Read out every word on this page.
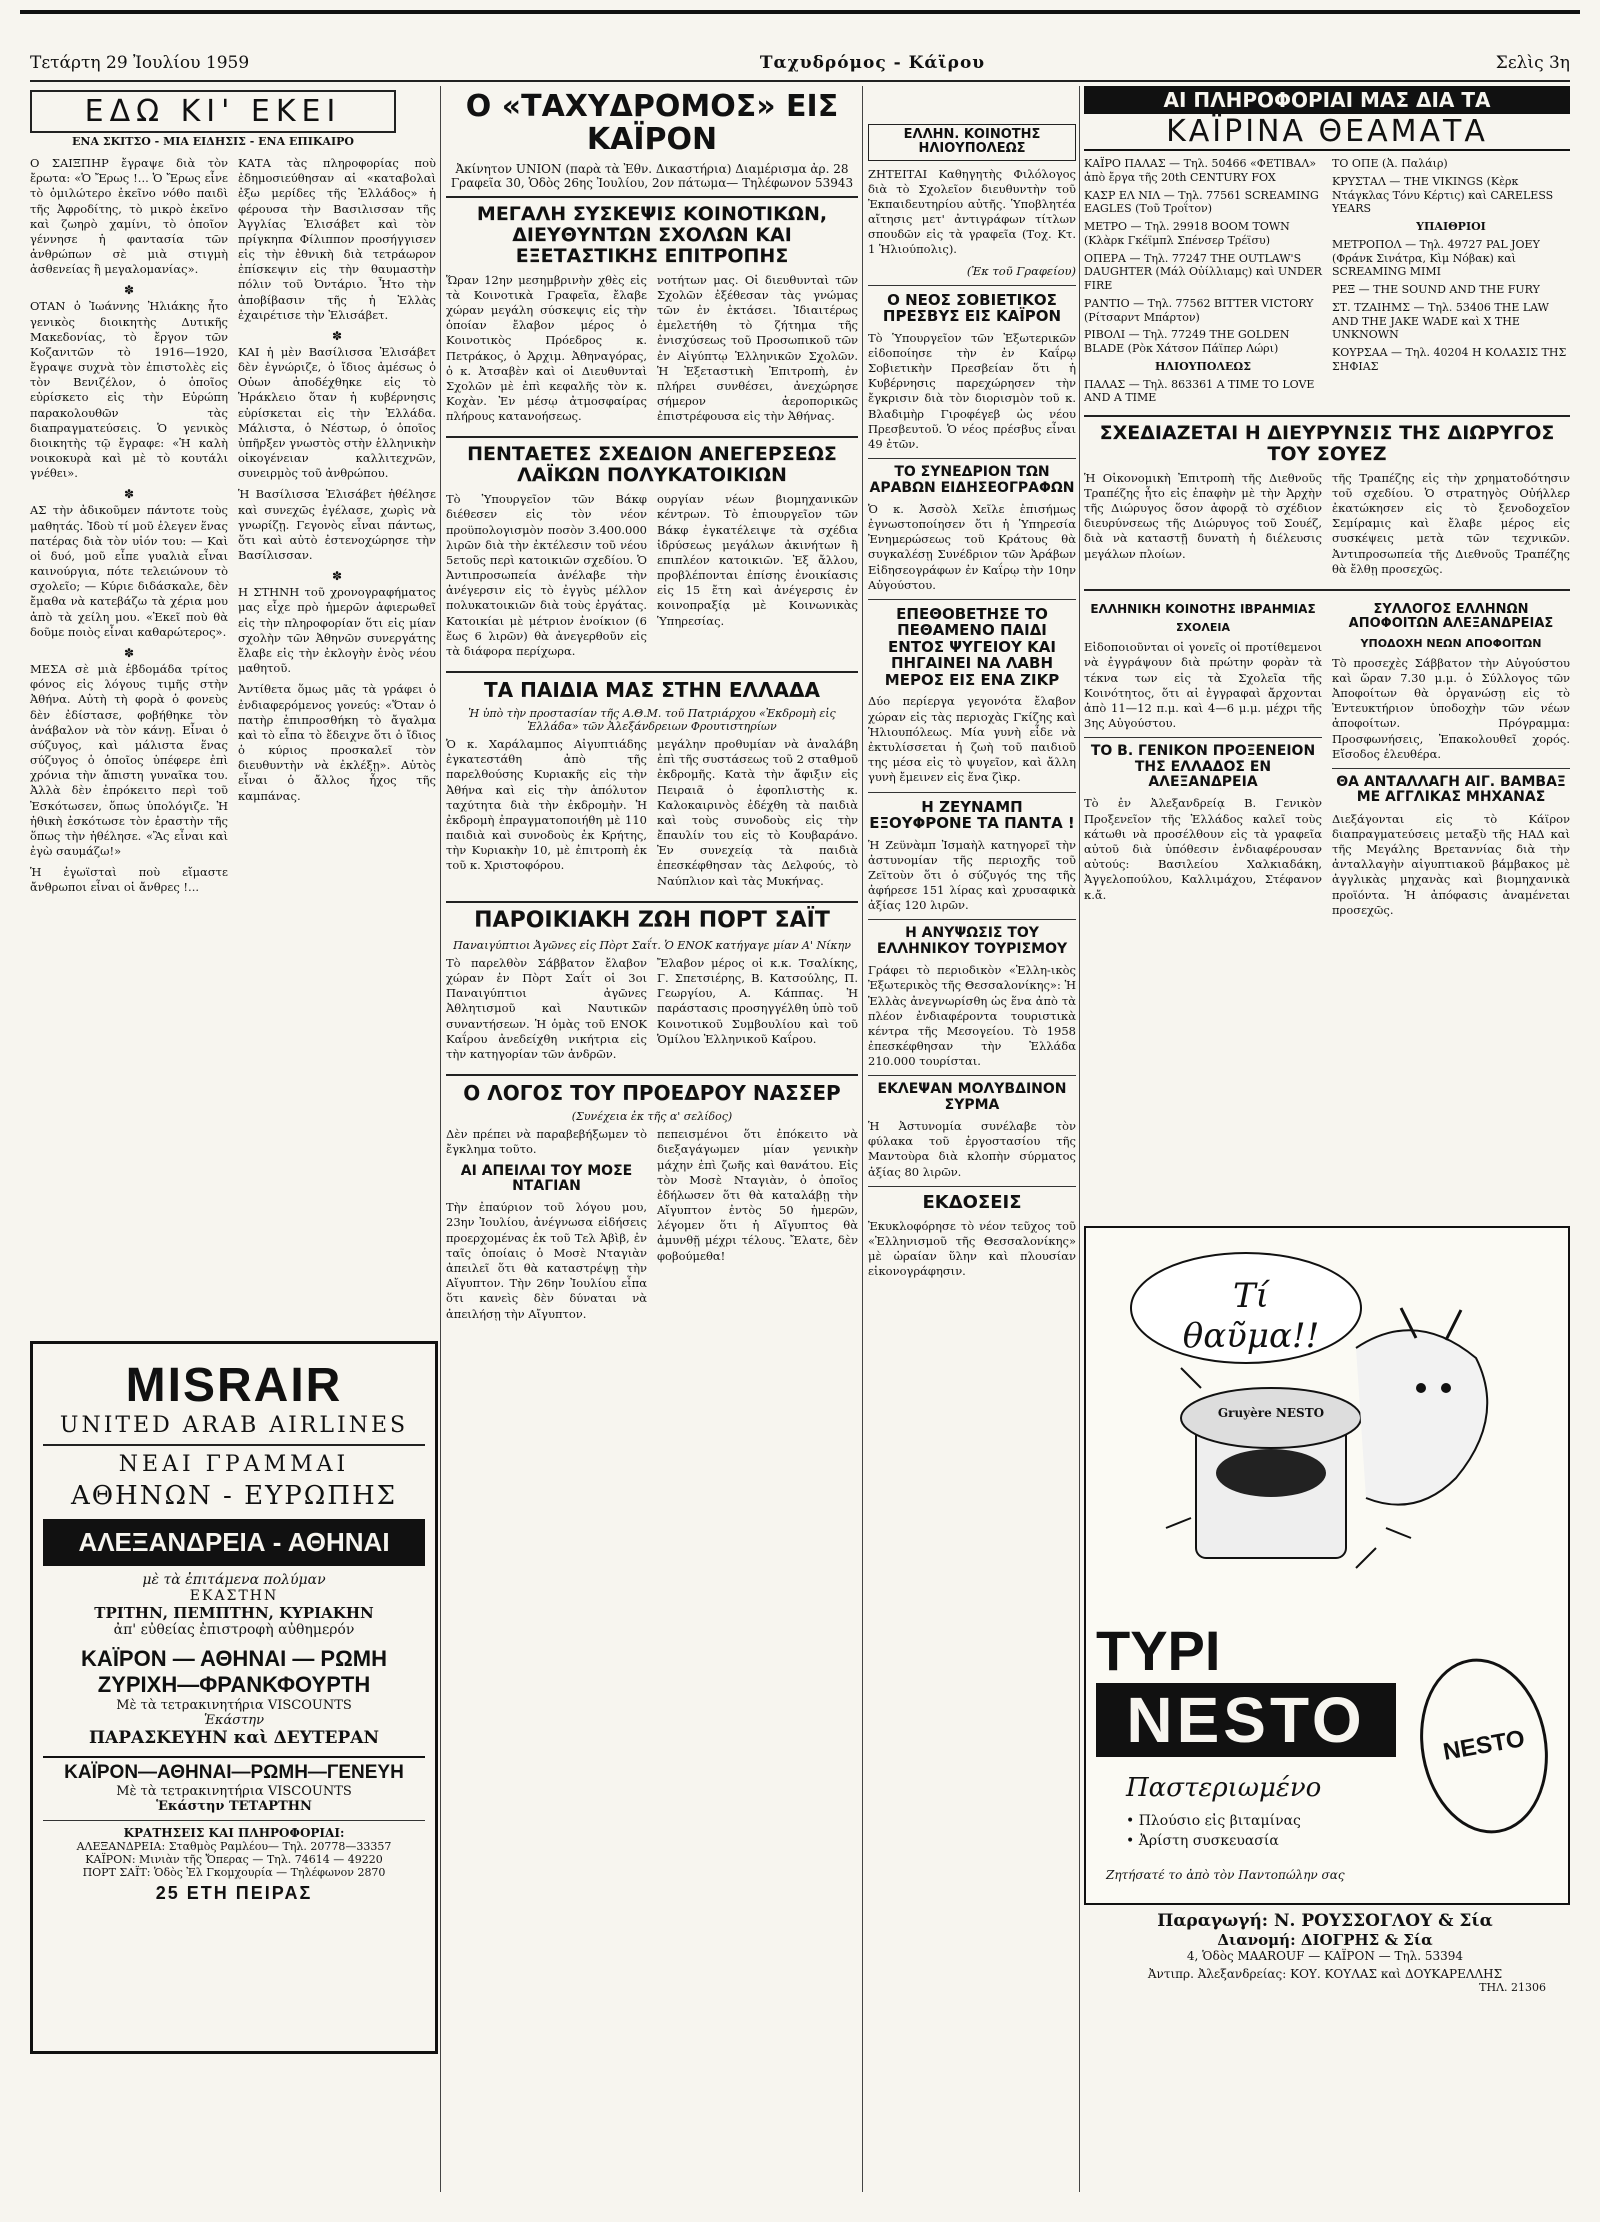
Τετάρτη 29 Ἰουλίου 1959	Ταχυδρόμος - Κάϊρου	Σελὶς 3η
ΕΔΩ ΚΙ' ΕΚΕΙ
ΕΝΑ ΣΚΙΤΣΟ - ΜΙΑ ΕΙΔΗΣΙΣ - ΕΝΑ ΕΠΙΚΑΙΡΟ

Ο ΣΑΙΞΠΗΡ ἔγραψε διὰ τὸν ἔρωτα: «Ὁ Ἔρως !... Ὁ Ἔρως εἶνε τὸ ὁμιλώτερο ἐκεῖνο νόθο παιδὶ τῆς Ἀφροδίτης, τὸ μικρὸ ἐκεῖνο καὶ ζωηρὸ χαμίνι, τὸ ὁποῖον γέννησε ἡ φαντασία τῶν ἀνθρώπων σὲ μιὰ στιγμὴ ἀσθενείας ἢ μεγαλομανίας».

✽

ΟΤΑΝ ὁ Ἰωάννης Ἠλιάκης ἦτο γενικὸς διοικητὴς Δυτικῆς Μακεδονίας, τὸ ἔργον τῶν Κοζανιτῶν τὸ 1916—1920, ἔγραψε συχνὰ τὸν ἐπιστολὲς εἰς τὸν Βενιζέλον, ὁ ὁποῖος εὑρίσκετο εἰς τὴν Εὐρώπη παρακολουθῶν τὰς διαπραγματεύσεις. Ὁ γενικὸς διοικητὴς τῷ ἔγραφε: «Ἡ καλὴ νοικοκυρὰ καὶ μὲ τὸ κουτάλι γνέθει».

✽

ΑΣ τὴν ἀδικοῦμεν πάντοτε τοὺς μαθητάς. Ἰδοὺ τί μοῦ ἐλεγεν ἕνας πατέρας διὰ τὸν υἱόν του: — Καὶ οἱ δυό, μοῦ εἶπε γυαλιὰ εἶναι καινούργια, πότε τελειώνουν τὸ σχολεῖο; — Κύριε διδάσκαλε, δὲν ἔμαθα νὰ κατεβάζω τὰ χέρια μου ἀπὸ τὰ χείλη μου. «Ἐκεῖ ποὺ θὰ δοῦμε ποιὸς εἶναι καθαρώτερος».

✽

ΜΕΣΑ σὲ μιὰ ἑβδομάδα τρίτος φόνος εἰς λόγους τιμῆς στὴν Ἀθήνα. Αὐτὴ τὴ φορὰ ὁ φονεὺς δὲν ἐδίστασε, φοβήθηκε τὸν ἀνάβαλον νὰ τὸν κάνῃ. Εἶναι ὁ σύζυγος, καὶ μάλιστα ἕνας σύζυγος ὁ ὁποῖος ὑπέφερε ἐπὶ χρόνια τὴν ἄπιστη γυναῖκα του. Ἀλλὰ δὲν ἐπρόκειτο περὶ τοῦ Ἐσκότωσεν, ὅπως ὑπολόγιζε. Ἡ ἠθικὴ ἐσκότωσε τὸν ἐραστὴν τῆς ὅπως τὴν ἠθέλησε. «Ἂς εἶναι καὶ ἐγὼ σαυμάζω!»

Ἡ ἐγωϊσταὶ ποὺ εἴμαστε ἄνθρωποι εἶναι οἱ ἄνθρες !...

ΚΑΤΑ τὰς πληροφορίας ποὺ ἐδημοσιεύθησαν αἱ «καταβολαὶ ἐξω μερίδες τῆς Ἑλλάδος» ἡ φέρουσα τὴν Βασιλισσαν τῆς Ἀγγλίας Ἐλισάβετ καὶ τὸν πρίγκηπα Φίλιππον προσήγγισεν εἰς τὴν ἐθνικὴ διὰ τετράωρον ἐπίσκεψιν εἰς τὴν θαυμαστὴν πόλιν τοῦ Ὀντάριο. Ἦτο τὴν ἀποβίβασιν τῆς ἡ Ἑλλὰς ἐχαιρέτισε τὴν Ἐλισάβετ.

✽

ΚΑΙ ἡ μὲν Βασίλισσα Ἐλισάβετ δὲν ἐγνώριζε, ὁ ἴδιος ἀμέσως ὁ Οὐων ἀποδέχθηκε εἰς τὸ Ἡράκλειο ὅταν ἡ κυβέρνησις εὑρίσκεται εἰς τὴν Ἑλλάδα. Μάλιστα, ὁ Νέστωρ, ὁ ὁποῖος ὑπῆρξεν γνωστὸς στὴν ἑλληνικὴν οἰκογένειαν καλλιτεχνῶν, συνειρμὸς τοῦ ἀνθρώπου.

Ἡ Βασίλισσα Ἐλισάβετ ἠθέλησε καὶ συνεχῶς ἐγέλασε, χωρὶς νὰ γνωρίζῃ. Γεγονὸς εἶναι πάντως, ὅτι καὶ αὐτὸ ἐστενοχώρησε τὴν Βασίλισσαν.

✽

Η ΣΤΗΝΗ τοῦ χρονογραφήματος μας εἶχε πρὸ ἡμερῶν ἀφιερωθεῖ εἰς τὴν πληροφορίαν ὅτι εἰς μίαν σχολὴν τῶν Ἀθηνῶν συνεργάτης ἔλαβε εἰς τὴν ἐκλογὴν ἑνὸς νέου μαθητοῦ.

Ἀντίθετα ὅμως μᾶς τὰ γράφει ὁ ἐνδιαφερόμενος γονεύς: «Ὅταν ὁ πατὴρ ἐπιπροσθήκη τὸ ἄγαλμα καὶ τὸ εἶπα τὸ ἔδειχνε ὅτι ὁ ἴδιος ὁ κύριος προσκαλεῖ τὸν διευθυντὴν νὰ ἐκλέξῃ». Αὐτὸς εἶναι ὁ ἄλλος ἦχος τῆς καμπάνας.

MISRAIR
UNITED ARAB AIRLINES
ΝΕΑΙ ΓΡΑΜΜΑΙ
ΑΘΗΝΩΝ - ΕΥΡΩΠΗΣ
ΑΛΕΞΑΝΔΡΕΙΑ - ΑΘΗΝΑΙ
μὲ τὰ ἐπιτάμενα πολύμαν
ΕΚΑΣΤΗΝ
ΤΡΙΤΗΝ, ΠΕΜΠΤΗΝ, ΚΥΡΙΑΚΗΝ
ἀπ' εὐθείας ἐπιστροφὴ αὐθημερόν
ΚΑΪΡΟΝ — ΑΘΗΝΑΙ — ΡΩΜΗ
ΖΥΡΙΧΗ—ΦΡΑΝΚΦΟΥΡΤΗ
Μὲ τὰ τετρακινητήρια VISCOUNTS
Ἑκάστην
ΠΑΡΑΣΚΕΥΗΝ καὶ ΔΕΥΤΕΡΑΝ
ΚΑΪΡΟΝ—ΑΘΗΝΑΙ—ΡΩΜΗ—ΓΕΝΕΥΗ
Μὲ τὰ τετρακινητήρια VISCOUNTS
Ἑκάστην ΤΕΤΑΡΤΗΝ
ΚΡΑΤΗΣΕΙΣ ΚΑΙ ΠΛΗΡΟΦΟΡΙΑΙ:
ΑΛΕΞΑΝΔΡΕΙΑ: Σταθμὸς Ραμλέου— Τηλ. 20778—33357
ΚΑΪΡΟΝ: Μινιὰν τῆς Ὄπερας — Τηλ. 74614 — 49220
ΠΟΡΤ ΣΑΪΤ: Ὁδὸς Ἐλ Γκομχουρία — Τηλέφωνον 2870
25 ΕΤΗ ΠΕΙΡΑΣ
Ο «ΤΑΧΥΔΡΟΜΟΣ» ΕΙΣ ΚΑΪΡΟΝ
Ἀκίνητον UNION (παρὰ τὰ Ἐθν. Δικαστήρια) Διαμέρισμα ἀρ. 28
Γραφεῖα 30, Ὁδὸς 26ης Ἰουλίου, 2ον πάτωμα— Τηλέφωνον 53943
ΜΕΓΑΛΗ ΣΥΣΚΕΨΙΣ ΚΟΙΝΟΤΙΚΩΝ, ΔΙΕΥΘΥΝΤΩΝ ΣΧΟΛΩΝ ΚΑΙ ΕΞΕΤΑΣΤΙΚΗΣ ΕΠΙΤΡΟΠΗΣ

Ὥραν 12ην μεσημβρινὴν χθὲς εἰς τὰ Κοινοτικὰ Γραφεῖα, ἔλαβε χώραν μεγάλη σύσκεψις εἰς τὴν ὁποίαν ἔλαβον μέρος ὁ Κοινοτικὸς Πρόεδρος κ. Πετράκος, ὁ Ἀρχιμ. Ἀθηναγόρας, ὁ κ. Ἀτσαβὲν καὶ οἱ Διευθυνταὶ Σχολῶν μὲ ἐπὶ κεφαλῆς τὸν κ. Κοχὰν. Ἐν μέσῳ ἀτμοσφαίρας πλήρους κατανοήσεως.

νοτήτων μας. Οἱ διευθυνταὶ τῶν Σχολῶν ἐξέθεσαν τὰς γνώμας τῶν ἐν ἐκτάσει. Ἰδιαιτέρως ἐμελετήθη τὸ ζήτημα τῆς ἐνισχύσεως τοῦ Προσωπικοῦ τῶν ἐν Αἰγύπτῳ Ἑλληνικῶν Σχολῶν. Ἡ Ἐξεταστικὴ Ἐπιτροπὴ, ἐν πλήρει συνθέσει, ἀνεχώρησε σήμερον ἀεροπορικῶς ἐπιστρέφουσα εἰς τὴν Ἀθήνας.

ΠΕΝΤΑΕΤΕΣ ΣΧΕΔΙΟΝ ΑΝΕΓΕΡΣΕΩΣ ΛΑΪΚΩΝ ΠΟΛΥΚΑΤΟΙΚΙΩΝ

Τὸ Ὑπουργεῖον τῶν Βάκφ διέθεσεν εἰς τὸν νέον προϋπολογισμὸν ποσὸν 3.400.000 λιρῶν διὰ τὴν ἐκτέλεσιν τοῦ νέου 5ετοῦς περὶ κατοικιῶν σχεδίου. Ὁ Ἀντιπροσωπεία ἀνέλαβε τὴν ἀνέγερσιν εἰς τὸ ἐγγὺς μέλλον πολυκατοικιῶν διὰ τοὺς ἐργάτας. Κατοικίαι μὲ μέτριον ἐνοίκιον (6 ἕως 6 λιρῶν) θὰ ἀνεγερθοῦν εἰς τὰ διάφορα περίχωρα.

ουργίαν νέων βιομηχανικῶν κέντρων. Τὸ ἐπιουργεῖον τῶν Βάκφ ἐγκατέλειψε τὰ σχέδια ἱδρύσεως μεγάλων ἀκινήτων ἢ επιπλέον κατοικιῶν. Ἐξ ἄλλου, προβλέπονται ἐπίσης ἐνοικίασις εἰς 15 ἔτη καὶ ἀνέγερσις ἐν κοινοπραξίᾳ μὲ Κοινωνικὰς Ὑπηρεσίας.

ΤΑ ΠΑΙΔΙΑ ΜΑΣ ΣΤΗΝ ΕΛΛΑΔΑ
Ἡ ὑπὸ τὴν προστασίαν τῆς Α.Θ.Μ. τοῦ Πατριάρχου «Ἐκδρομὴ εἰς Ἑλλάδα» τῶν Ἀλεξάνδρειων Φρουτιστηρίων

Ὁ κ. Χαράλαμπος Αἰγυπτιάδης ἐγκατεστάθη ἀπὸ τῆς παρελθούσης Κυριακῆς εἰς τὴν Ἀθήνα καὶ εἰς τὴν ἀπόλυτον ταχύτητα διὰ τὴν ἐκδρομὴν. Ἡ ἐκδρομὴ ἐπραγματοποιήθη μὲ 110 παιδιὰ καὶ συνοδοὺς ἐκ Κρήτης, τὴν Κυριακὴν 10, μὲ ἐπιτροπὴ ἐκ τοῦ κ. Χριστοφόρου.

μεγάλην προθυμίαν νὰ ἀναλάβη ἐπὶ τῆς συστάσεως τοῦ 2 σταθμοῦ ἐκδρομῆς. Κατὰ τὴν ἄφιξιν εἰς Πειραιᾶ ὁ ἐφοπλιστὴς κ. Καλοκαιρινὸς ἐδέχθη τὰ παιδιὰ καὶ τοὺς συνοδοὺς εἰς τὴν ἔπαυλίν του εἰς τὸ Κουβαράνο. Ἐν συνεχείᾳ τὰ παιδιὰ ἐπεσκέφθησαν τὰς Δελφούς, τὸ Ναύπλιον καὶ τὰς Μυκήνας.

ΠΑΡΟΙΚΙΑΚΗ ΖΩΗ ΠΟΡΤ ΣΑΪΤ
Παναιγύπτιοι Ἀγῶνες εἰς Πὸρτ Σαΐτ. Ὁ ΕΝΟΚ κατήγαγε μίαν Α' Νίκην

Τὸ παρελθὸν Σάββατον ἔλαβον χώραν ἐν Πὸρτ Σαΐτ οἱ 3οι Παναιγύπτιοι ἀγῶνες Ἀθλητισμοῦ καὶ Ναυτικῶν συναντήσεων. Ἡ ὁμὰς τοῦ ΕΝΟΚ Καΐρου ἀνεδείχθη νικήτρια εἰς τὴν κατηγορίαν τῶν ἀνδρῶν.

Ἔλαβον μέρος οἱ κ.κ. Τσαλίκης, Γ. Σπετσιέρης, Β. Κατσούλης, Π. Γεωργίου, Α. Κάππας. Ἡ παράστασις προσηγγέλθη ὑπὸ τοῦ Κοινοτικοῦ Συμβουλίου καὶ τοῦ Ὁμίλου Ἐλληνικοῦ Καΐρου.

Ο ΛΟΓΟΣ ΤΟΥ ΠΡΟΕΔΡΟΥ ΝΑΣΣΕΡ
(Συνέχεια ἐκ τῆς α' σελίδος)

Δὲν πρέπει νὰ παραβεβήξωμεν τὸ ἔγκλημα τοῦτο.

ΑΙ ΑΠΕΙΛΑΙ ΤΟΥ ΜΟΣΕ ΝΤΑΓΙΑΝ

Τὴν ἐπαύριον τοῦ λόγου μου, 23ην Ἰουλίου, ἀνέγνωσα εἰδήσεις προερχομένας ἐκ τοῦ Τελ Ἀβὶβ, ἐν ταῖς ὁποίαις ὁ Μοσὲ Νταγιὰν ἀπειλεῖ ὅτι θὰ καταστρέψῃ τὴν Αἴγυπτον. Τὴν 26ην Ἰουλίου εἶπα ὅτι κανεὶς δὲν δύναται νὰ ἀπειλήσῃ τὴν Αἴγυπτον.

πεπεισμένοι ὅτι ἐπόκειτο νὰ διεξαγάγωμεν μίαν γενικὴν μάχην ἐπὶ ζωῆς καὶ θανάτου. Εἰς τὸν Μοσὲ Νταγιὰν, ὁ ὁποῖος ἐδήλωσεν ὅτι θὰ καταλάβῃ τὴν Αἴγυπτον ἐντὸς 50 ἡμερῶν, λέγομεν ὅτι ἡ Αἴγυπτος θὰ ἀμυνθῇ μέχρι τέλους. Ἔλατε, δὲν φοβούμεθα!

ΕΛΛΗΝ. ΚΟΙΝΟΤΗΣ ΗΛΙΟΥΠΟΛΕΩΣ

ΖΗΤΕΙΤΑΙ Καθηγητὴς Φιλόλογος διὰ τὸ Σχολεῖον διευθυντὴν τοῦ Ἐκπαιδευτηρίου αὐτῆς. Ὑποβλητέα αἴτησις μετ' ἀντιγράφων τίτλων σπουδῶν εἰς τὰ γραφεῖα (Τοχ. Κτ. 1 Ἡλιούπολις).

(Ἐκ τοῦ Γραφείου)

Ο ΝΕΟΣ ΣΟΒΙΕΤΙΚΟΣ ΠΡΕΣΒΥΣ ΕΙΣ ΚΑΪΡΟΝ

Τὸ Ὑπουργεῖον τῶν Ἐξωτερικῶν εἰδοποίησε τὴν ἐν Καΐρῳ Σοβιετικὴν Πρεσβείαν ὅτι ἡ Κυβέρνησις παρεχώρησεν τὴν ἔγκρισιν διὰ τὸν διορισμὸν τοῦ κ. Βλαδιμὴρ Γιροφέγεβ ὡς νέου Πρεσβευτοῦ. Ὁ νέος πρέσβυς εἶναι 49 ἐτῶν.

ΤΟ ΣΥΝΕΔΡΙΟΝ ΤΩΝ ΑΡΑΒΩΝ ΕΙΔΗΣΕΟΓΡΑΦΩΝ

Ὁ κ. Ἀσσὸλ Χεῖλε ἐπισήμως ἐγνωστοποίησεν ὅτι ἡ Ὑπηρεσία Ἐνημερώσεως τοῦ Κράτους θὰ συγκαλέσῃ Συνέδριον τῶν Ἀράβων Εἰδησεογράφων ἐν Καΐρῳ τὴν 10ην Αὐγούστου.

ΕΠΕΘΟΒΕΤΗΣΕ ΤΟ ΠΕΘΑΜΕΝΟ ΠΑΙΔΙ ΕΝΤΟΣ ΨΥΓΕΙΟΥ ΚΑΙ ΠΗΓΑΙΝΕΙ ΝΑ ΛΑΒΗ ΜΕΡΟΣ ΕΙΣ ΕΝΑ ΖΙΚΡ

Δύο περίεργα γεγονότα ἔλαβον χώραν εἰς τὰς περιοχὰς Γκίζης καὶ Ἡλιουπόλεως. Μία γυνὴ εἶδε νὰ ἐκτυλίσσεται ἡ ζωὴ τοῦ παιδιοῦ της μέσα εἰς τὸ ψυγεῖον, καὶ ἄλλη γυνὴ ἔμεινεν εἰς ἕνα ζὶκρ.

Η ΖΕΥΝΑΜΠ ΕΞΟΥΦΡΟΝΕ ΤΑ ΠΑΝΤΑ !

Ἡ Ζεϋνὰμπ Ἰσμαὴλ κατηγορεῖ τὴν ἀστυνομίαν τῆς περιοχῆς τοῦ Ζεϊτοὺν ὅτι ὁ σύζυγός της τῆς ἀφήρεσε 151 λίρας καὶ χρυσαφικὰ ἀξίας 120 λιρῶν.

Η ΑΝΥΨΩΣΙΣ ΤΟΥ ΕΛΛΗΝΙΚΟΥ ΤΟΥΡΙΣΜΟΥ

Γράφει τὸ περιοδικὸν «Ἑλλη-ικὸς Ἐξωτερικὸς τῆς Θεσσαλονίκης»: Ἡ Ἑλλὰς ἀνεγνωρίσθη ὡς ἕνα ἀπὸ τὰ πλέον ἐνδιαφέροντα τουριστικὰ κέντρα τῆς Μεσογείου. Τὸ 1958 ἐπεσκέφθησαν τὴν Ἑλλάδα 210.000 τουρίσται.

ΕΚΛΕΨΑΝ ΜΟΛΥΒΔΙΝΟΝ ΣΥΡΜΑ

Ἡ Ἀστυνομία συνέλαβε τὸν φύλακα τοῦ ἐργοστασίου τῆς Μαντοὺρα διὰ κλοπὴν σύρματος ἀξίας 80 λιρῶν.

ΕΚΔΟΣΕΙΣ

Ἐκυκλοφόρησε τὸ νέον τεῦχος τοῦ «Ἐλληνισμοῦ τῆς Θεσσαλονίκης» μὲ ὡραίαν ὕλην καὶ πλουσίαν εἰκονογράφησιν.

ΑΙ ΠΛΗΡΟΦΟΡΙΑΙ ΜΑΣ ΔΙΑ ΤΑ
ΚΑΪΡΙΝΑ ΘΕΑΜΑΤΑ

ΚΑΪΡΟ ΠΑΛΑΣ — Τηλ. 50466 «ΦΕΤΙΒΑΛ» ἀπὸ ἔργα τῆς 20th CENTURY FOX

ΚΑΣΡ ΕΛ ΝΙΛ — Τηλ. 77561 SCREAMING EAGLES (Τοῦ Τροΐτον)

ΜΕΤΡΟ — Τηλ. 29918 BOOM TOWN (Κλὰρκ Γκέϊμπλ Σπένσερ Τρέϊσυ)

ΟΠΕΡΑ — Τηλ. 77247 THE OUTLAW'S DAUGHTER (Μάλ Οὐίλλιαμς) καὶ UNDER FIRE

ΡΑΝΤΙΟ — Τηλ. 77562 BITTER VICTORY (Ρίτσαρντ Μπάρτον)

ΡΙΒΟΛΙ — Τηλ. 77249 THE GOLDEN BLADE (Ρὸκ Χάτσον Πάϊπερ Λώρι)

ΗΛΙΟΥΠΟΛΕΩΣ

ΠΑΛΑΣ — Τηλ. 863361 A TIME TO LOVE AND A TIME

ΤΟ ΟΠΕ (Ἀ. Παλάιρ)

ΚΡΥΣΤΑΛ — THE VIKINGS (Κὲρκ Ντάγκλας Τόνυ Κέρτις) καὶ CARELESS YEARS

ΥΠΑΙΘΡΙΟΙ

ΜΕΤΡΟΠΟΛ — Τηλ. 49727 PAL JOEY (Φράνκ Σινάτρα, Κὶμ Νόβακ) καὶ SCREAMING MIMI

ΡΕΞ — THE SOUND AND THE FURY

ΣΤ. ΤΖΑΙΗΜΣ — Τηλ. 53406 THE LAW AND THE JAKE WADE καὶ X THE UNKNOWN

ΚΟΥΡΣΑΑ — Τηλ. 40204 Η ΚΟΛΑΣΙΣ ΤΗΣ ΣΗΦΙΑΣ

ΣΧΕΔΙΑΖΕΤΑΙ Η ΔΙΕΥΡΥΝΣΙΣ ΤΗΣ ΔΙΩΡΥΓΟΣ ΤΟΥ ΣΟΥΕΖ

Ἡ Οἰκονομικὴ Ἐπιτροπὴ τῆς Διεθνοῦς Τραπέζης ἦτο εἰς ἐπαφὴν μὲ τὴν Ἀρχὴν τῆς Διώρυγος ὅσον ἀφορᾷ τὸ σχέδιον διευρύνσεως τῆς Διώρυγος τοῦ Σουέζ, διὰ νὰ καταστῇ δυνατὴ ἡ διέλευσις μεγάλων πλοίων.

τῆς Τραπέζης εἰς τὴν χρηματοδότησιν τοῦ σχεδίου. Ὁ στρατηγὸς Οὐήλλερ ἐκατώκησεν εἰς τὸ ξενοδοχεῖον Σεμίραμις καὶ ἔλαβε μέρος εἰς συσκέψεις μετὰ τῶν τεχνικῶν. Ἀντιπροσωπεία τῆς Διεθνοῦς Τραπέζης θὰ ἔλθῃ προσεχῶς.

ΕΛΛΗΝΙΚΗ ΚΟΙΝΟΤΗΣ ΙΒΡΑΗΜΙΑΣ
ΣΧΟΛΕΙΑ

Εἰδοποιοῦνται οἱ γονεῖς οἱ προτίθεμενοι νὰ ἐγγράψουν διὰ πρώτην φορὰν τὰ τέκνα των εἰς τὰ Σχολεῖα τῆς Κοινότητος, ὅτι αἱ ἐγγραφαὶ ἄρχονται ἀπὸ 11—12 π.μ. καὶ 4—6 μ.μ. μέχρι τῆς 3ης Αὐγούστου.

ΤΟ Β. ΓΕΝΙΚΟΝ ΠΡΟΞΕΝΕΙΟΝ ΤΗΣ ΕΛΛΑΔΟΣ ΕΝ ΑΛΕΞΑΝΔΡΕΙΑ

Τὸ ἐν Ἀλεξανδρείᾳ Β. Γενικὸν Προξενεῖον τῆς Ἑλλάδος καλεῖ τοὺς κάτωθι νὰ προσέλθουν εἰς τὰ γραφεῖα αὐτοῦ διὰ ὑπόθεσιν ἐνδιαφέρουσαν αὐτούς: Βασιλείου Χαλκιαδάκη, Ἀγγελοπούλου, Καλλιμάχου, Στέφανον κ.ἄ.

ΣΥΛΛΟΓΟΣ ΕΛΛΗΝΩΝ ΑΠΟΦΟΙΤΩΝ ΑΛΕΞΑΝΔΡΕΙΑΣ
ΥΠΟΔΟΧΗ ΝΕΩΝ ΑΠΟΦΟΙΤΩΝ

Τὸ προσεχὲς Σάββατον τὴν Αὐγούστου καὶ ὥραν 7.30 μ.μ. ὁ Σύλλογος τῶν Ἀποφοίτων θὰ ὀργανώσῃ εἰς τὸ Ἐντευκτήριον ὑποδοχὴν τῶν νέων ἀποφοίτων. Πρόγραμμα: Προσφωνήσεις, Ἐπακολουθεῖ χορός. Εἴσοδος ἐλευθέρα.

ΘΑ ΑΝΤΑΛΛΑΓΗ ΑΙΓ. ΒΑΜΒΑΞ ΜΕ ΑΓΓΛΙΚΑΣ ΜΗΧΑΝΑΣ

Διεξάγονται εἰς τὸ Κάϊρον διαπραγματεύσεις μεταξὺ τῆς ΗΑΔ καὶ τῆς Μεγάλης Βρεταννίας διὰ τὴν ἀνταλλαγὴν αἰγυπτιακοῦ βάμβακος μὲ ἀγγλικὰς μηχανὰς καὶ βιομηχανικὰ προϊόντα. Ἡ ἀπόφασις ἀναμένεται προσεχῶς.

Τί θαῦμα!!
Gruyère NESTO
ΤΥΡΙ
NESTO
Παστεριωμένο
• Πλούσιο εἰς βιταμίνας
• Ἀρίστη συσκευασία
Ζητήσατέ το ἀπὸ τὸν Παντοπώλην σας
NESTO
Παραγωγή: Ν. ΡΟΥΣΣΟΓΛΟΥ & Σία
Διανομή: ΔΙΟΓΡΗΣ & Σία
4, Ὁδὸς MAAROUF — ΚΑΪΡΟΝ — Τηλ. 53394
Ἀντιπρ. Ἀλεξανδρείας: ΚΟΥ. ΚΟΥΛΑΣ καὶ ΔΟΥΚΑΡΕΛΛΗΣ
ΤΗΛ. 21306
